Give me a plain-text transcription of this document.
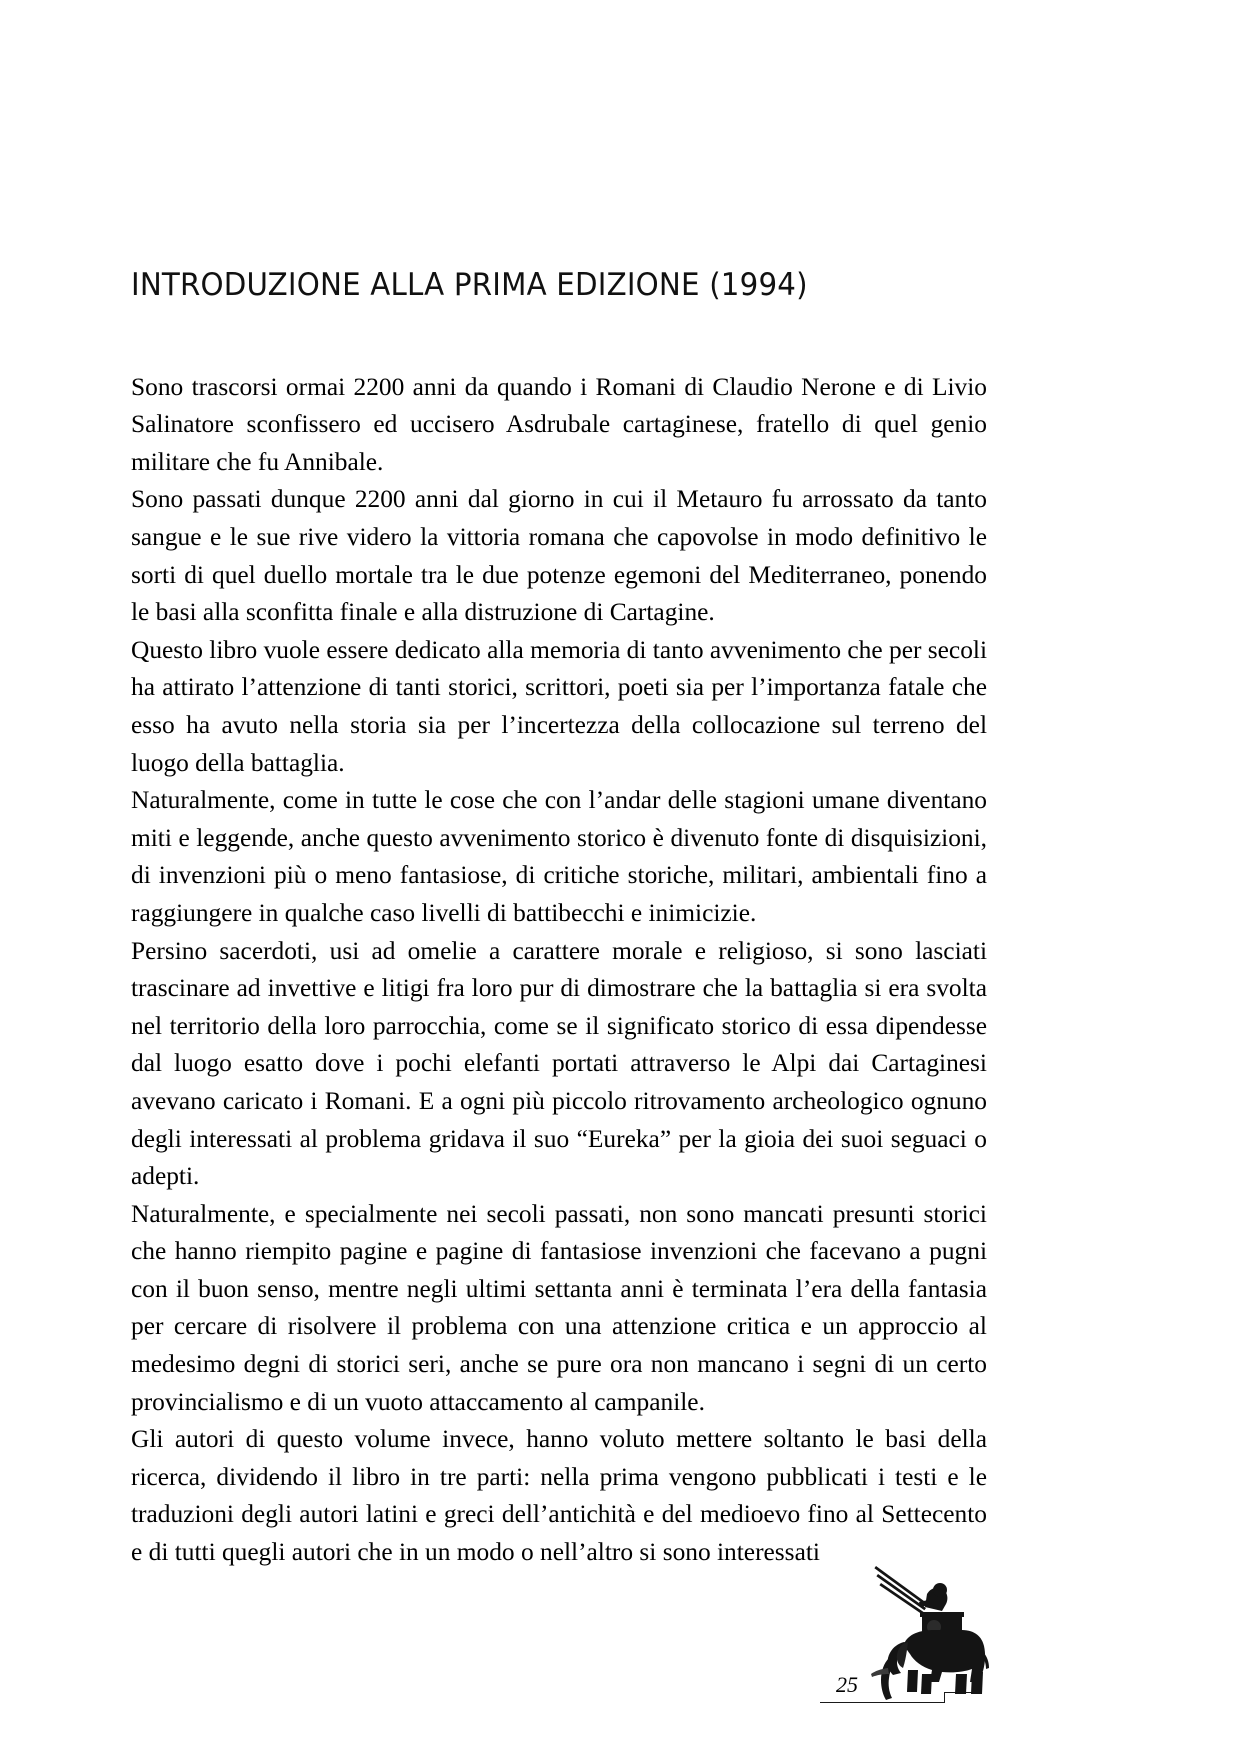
INTRODUZIONE ALLA PRIMA EDIZIONE (1994)

Sono trascorsi ormai 2200 anni da quando i Romani di Claudio Nerone e di Livio Salinatore sconfissero ed uccisero Asdrubale cartaginese, fratello di quel genio militare che fu Annibale.

Sono passati dunque 2200 anni dal giorno in cui il Metauro fu arrossato da tanto sangue e le sue rive videro la vittoria romana che capovolse in modo definitivo le sorti di quel duello mortale tra le due potenze egemoni del Mediterraneo, ponendo le basi alla sconfitta finale e alla distruzione di Cartagine.

Questo libro vuole essere dedicato alla memoria di tanto avvenimento che per secoli ha attirato l’attenzione di tanti storici, scrittori, poeti sia per l’importanza fatale che esso ha avuto nella storia sia per l’incertezza della collocazione sul terreno del luogo della battaglia.

Naturalmente, come in tutte le cose che con l’andar delle stagioni umane diventano miti e leggende, anche questo avvenimento storico è divenuto fonte di disquisizioni, di invenzioni più o meno fantasiose, di critiche storiche, militari, ambientali fino a raggiungere in qualche caso livelli di battibecchi e inimicizie.

Persino sacerdoti, usi ad omelie a carattere morale e religioso, si sono lasciati trascinare ad invettive e litigi fra loro pur di dimostrare che la battaglia si era svolta nel territorio della loro parrocchia, come se il significato storico di essa dipendesse dal luogo esatto dove i pochi elefanti portati attraverso le Alpi dai Cartaginesi avevano caricato i Romani. E a ogni più piccolo ritrovamento archeologico ognuno degli interessati al problema gridava il suo “Eureka” per la gioia dei suoi seguaci o adepti.

Naturalmente, e specialmente nei secoli passati, non sono mancati presunti storici che hanno riempito pagine e pagine di fantasiose invenzioni che facevano a pugni con il buon senso, mentre negli ultimi settanta anni è terminata l’era della fantasia per cercare di risolvere il problema con una attenzione critica e un approccio al medesimo degni di storici seri, anche se pure ora non mancano i segni di un certo provincialismo e di un vuoto attaccamento al campanile.

Gli autori di questo volume invece, hanno voluto mettere soltanto le basi della ricerca, dividendo il libro in tre parti: nella prima vengono pubblicati i testi e le traduzioni degli autori latini e greci dell’antichità e del medioevo fino al Settecento e di tutti quegli autori che in un modo o nell’altro si sono interessati

25
